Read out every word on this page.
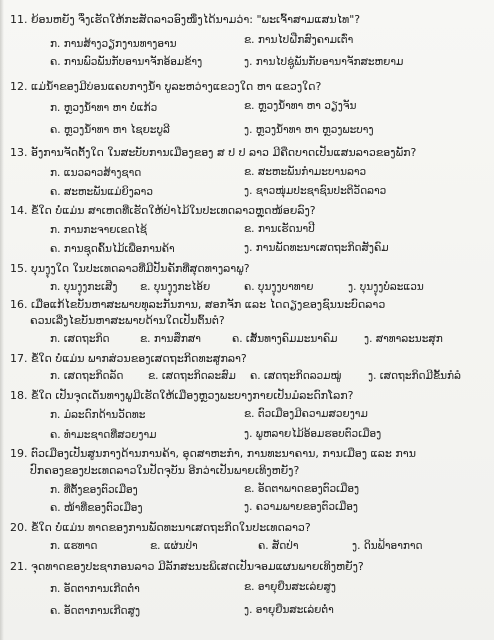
11. ຍ້ອນຫຍັງ ຈຶ່ງເຮັດໃຫ້ກະສັດລາວອົງໜຶ່ງໄດ້ນາມວ່າ: "ພະເຈົ້າສາມແສນໄທ"?
ກ. ການສ້າງວຽກງານທາງອານ	ຂ. ການໄປຝືກສົງຄາມເຕົ່າ
ຄ. ການພົວພັນກັບອານາຈັກອ້ອມຂ້າງ	ງ. ການໄປຊູ່ພັນກັບອານາຈັກສະຫຍາມ
12. ແມ່ນໍ້າຂອງມີບ່ອນແຄບກາງນໍ້າ ບູລະຫວ່າງແຂວງໃດ ຫາ ແຂວງໃດ?
ກ. ຫຼວງນໍ້າທາ ຫາ ບໍ່ແກ້ວ	ຂ. ຫຼວງນໍ້າທາ ຫາ ວຽງຈັນ
ຄ. ຫຼວງນໍ້າທາ ຫາ ໄຊຍະບູລີ	ງ. ຫຼວງນໍ້າທາ ຫາ ຫຼວງພະບາງ
13. ອັງການຈັດຕັ້ງໃດ ໃນສະບັບການເມືອງຂອງ ສ ປ ປ ລາວ ມີຄືດບາດເປັນແສນລາວຂອງພັກ?
ກ. ແນວລາວສ້າງຊາດ	ຂ. ສະຫະພັນກໍາມະບານລາວ
ຄ. ສະຫະພັນແມ່ຍິງລາວ	ງ. ຊາວໜຸ່ມປະຊາຊົນປະຕິວັດລາວ
14. ຂໍ້ໃດ ບໍ່ແມ່ນ ສາເຫດທີ່ເຮັດໃຫ້ປ່າໄມ້ໃນປະເທດລາວຫຼຸດໜ້ອຍລົງ?
ກ. ການກະຈາຍເຂດໄຊ້	ຂ. ການເຮັດນາປີ
ຄ. ການຊຸດຄົ້ນໄມ້ເພື່ອການຄ້າ	ງ. ການພັດທະນາເສດຖະກິດສັງຄົມ
15. ບຸນງຸງໃດ ໃນປະເທດລາວທີ່ມີປັນຄັກທີ່ສຸດທາງລາພູ?
ກ. ບຸນງຸງກະເສີງ ຂ. ບຸນງຸງກະໄອ້ຍ	ຄ. ບຸນງຸງບາທາຍ	ງ. ບຸນງຸງບໍ່ລະແວນ
16. ເມື່ອແກ້ໄຂບັນຫາສະພາບທຸລະກັນການ, ສອກຈັກ ແລະ ໄດດຽງຂອງຊົນນະບົດລາວ
ຄວນເລີ່ງໄຂບັນຫາສະພາບດ້ານໃດເປັນຕົ້ນຕໍ?
ກ. ເສດຖະກິດ	ຂ. ການສຶກສາ	ຄ. ເສັ້ນທາງຄົມມະນາຄົມ	ງ. ສາທາລະນະສຸກ
17. ຂໍ້ໃດ ບໍ່ແມ່ນ ພາກສ່ວນຂອງເສດຖະກິດທະສູກລາ?
ກ. ເສດຖະກິດລັດ ຂ. ເສດຖະກິດລະສົມ ຄ. ເສດຖະກິດລວມໝູ່	ງ. ເສດຖະກິດມີຂັ້ນກໍລໍ
18. ຂໍ້ໃດ ເປັນຈຸດເດັ່ນທາງພູມີເຮັດໃຫ້ເມືອງຫຼວງພະບາງກາຍເປັນມໍລະດົກໂລກ?
ກ. ມໍລະດົກດ້ານວັດທະ	ຂ. ຕົວເມືອງມີຄວາມສວຍງາມ
ຄ. ທໍາມະຊາດທີ່ສວຍງາມ	ງ. ພູຫລາຍໄມ້ອ້ອມຮອບຕົວເມືອງ
19. ຕົວເມືອງເປັນສູນກາງດ້ານການຄ້າ, ອຸດສາຫະກໍາ, ການທະນາຄານ, ການເມືອງ ແລະ ການ
ປົກຄອງຂອງປະເທດລາວໃນປັດຈຸບັນ ອີກວ່າເປັນພາຍເທິງຫຍັງ?
ກ. ທີ່ຕັ້ງຂອງຕົວເມືອງ	ຂ. ອັດຕາພາດຂອງຕົວເມືອງ
ຄ. ໜ້າທີ່ຂອງຕົວເມືອງ	ງ. ຄວາມພາຍຂອງຕົວເມືອງ
20. ຂໍ້ໃດ ບໍ່ແມ່ນ ທາດຂອງການພັດທະນາເສດຖະກິດໃນປະເທດລາວ?
ກ. ແຮທາດ	ຂ. ແຜ່ນປ່າ	ຄ. ສັດປ່າ	ງ. ດິນຟ້າອາກາດ
21. ຈຸດທາດຂອງປະຊາກອນລາວ ມີລັກສະນະພິເສດເປັນຈອມແຜນພາຍເທິງຫຍັງ?
ກ. ອັດຕາການເກີດຕໍ່າ	ຂ. ອາຍຸຍືນສະເລ່ຍສູງ
ຄ. ອັດຕາການເກີດສູງ	ງ. ອາຍຸຍືນສະເລ່ຍຕໍ່າ
